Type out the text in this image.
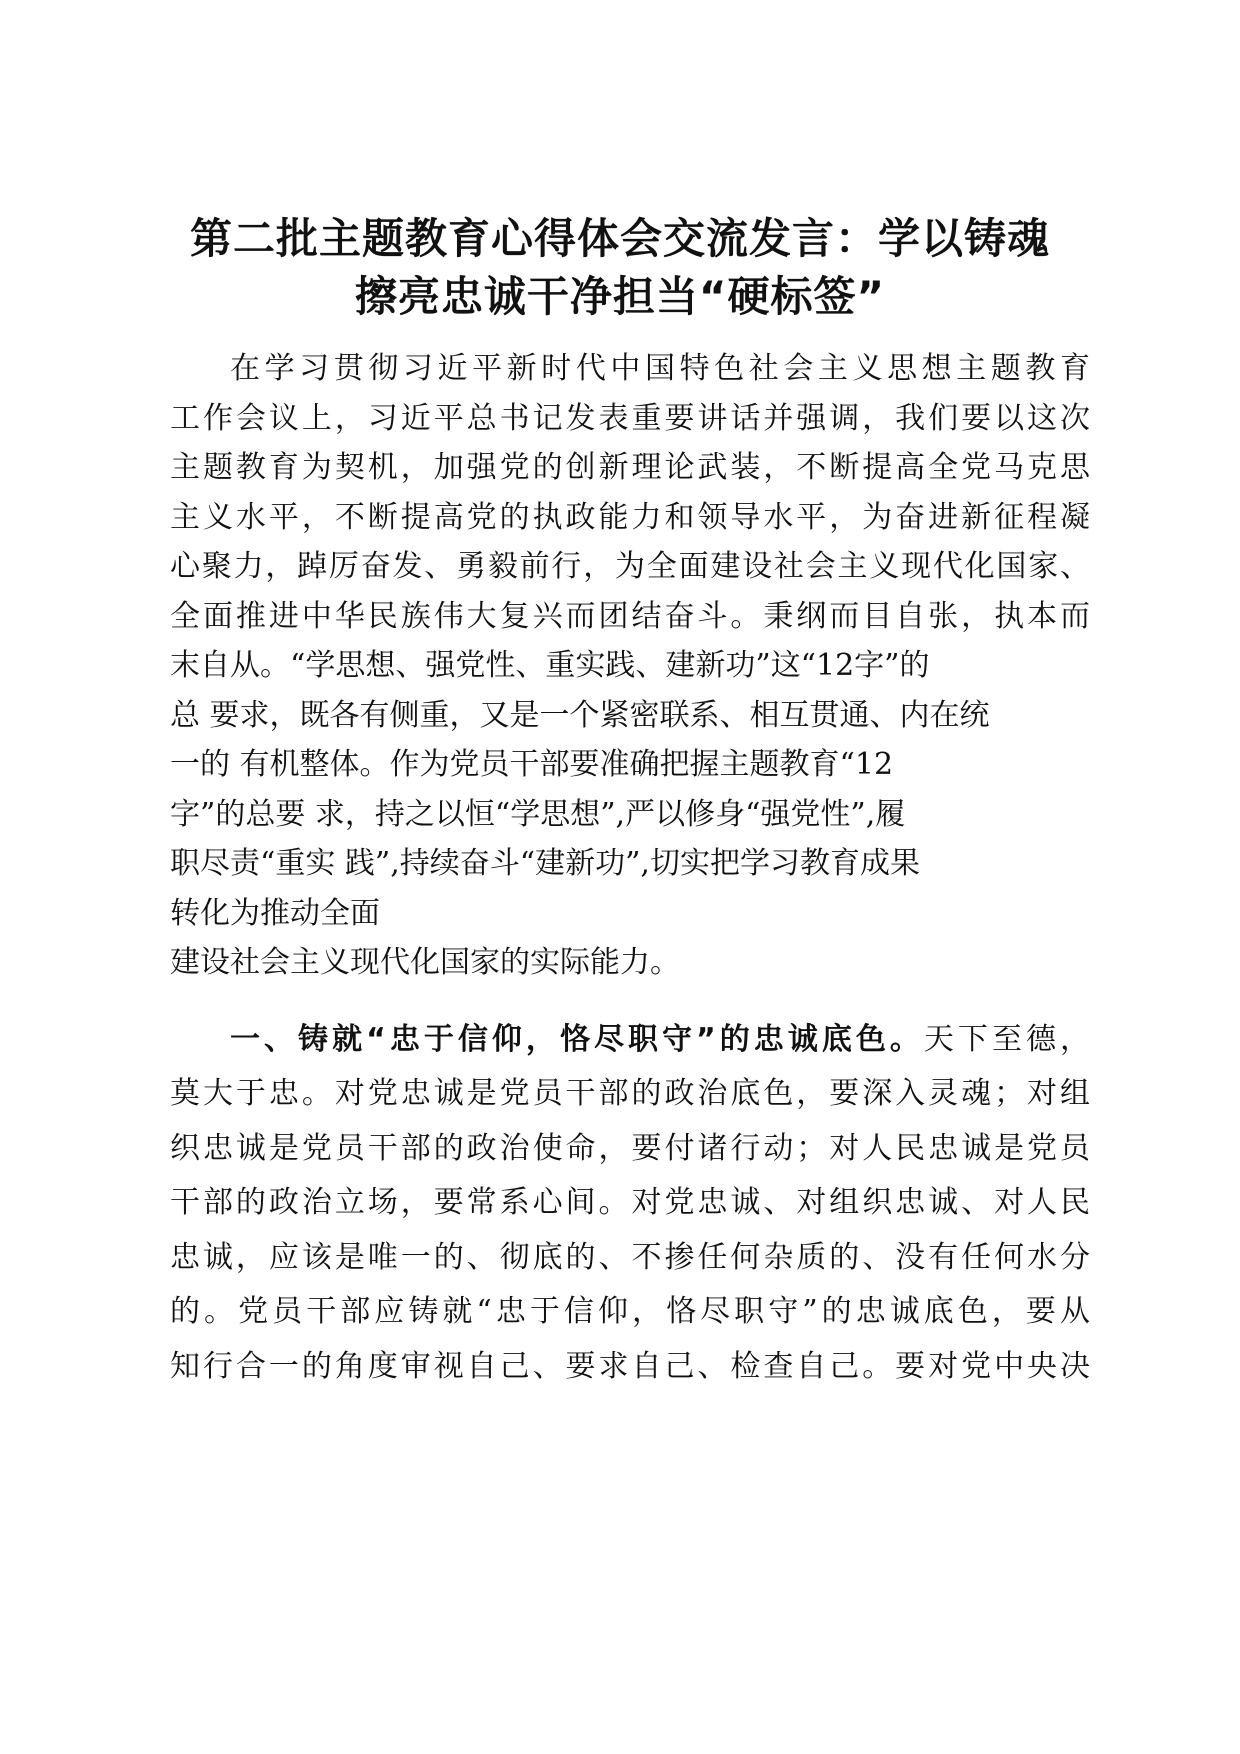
第二批主题教育心得体会交流发言：学以铸魂
擦亮忠诚干净担当“硬标签”
在学习贯彻习近平新时代中国特色社会主义思想主题教育
工作会议上，习近平总书记发表重要讲话并强调，我们要以这次
主题教育为契机，加强党的创新理论武装，不断提高全党马克思
主义水平，不断提高党的执政能力和领导水平，为奋进新征程凝
心聚力，踔厉奋发、勇毅前行，为全面建设社会主义现代化国家、
全面推进中华民族伟大复兴而团结奋斗。秉纲而目自张，执本而
末自从。“学思想、强党性、重实践、建新功”这“12字”的
总 要求，既各有侧重，又是一个紧密联系、相互贯通、内在统
一的 有机整体。作为党员干部要准确把握主题教育“12
字”的总要 求，持之以恒“学思想”,严以修身“强党性”,履
职尽责“重实 践”,持续奋斗“建新功”,切实把学习教育成果
转化为推动全面
建设社会主义现代化国家的实际能力。
一、铸就“忠于信仰，恪尽职守”的忠诚底色。天下至德，
莫大于忠。对党忠诚是党员干部的政治底色，要深入灵魂；对组
织忠诚是党员干部的政治使命，要付诸行动；对人民忠诚是党员
干部的政治立场，要常系心间。对党忠诚、对组织忠诚、对人民
忠诚，应该是唯一的、彻底的、不掺任何杂质的、没有任何水分
的。党员干部应铸就“忠于信仰，恪尽职守”的忠诚底色，要从
知行合一的角度审视自己、要求自己、检查自己。要对党中央决
